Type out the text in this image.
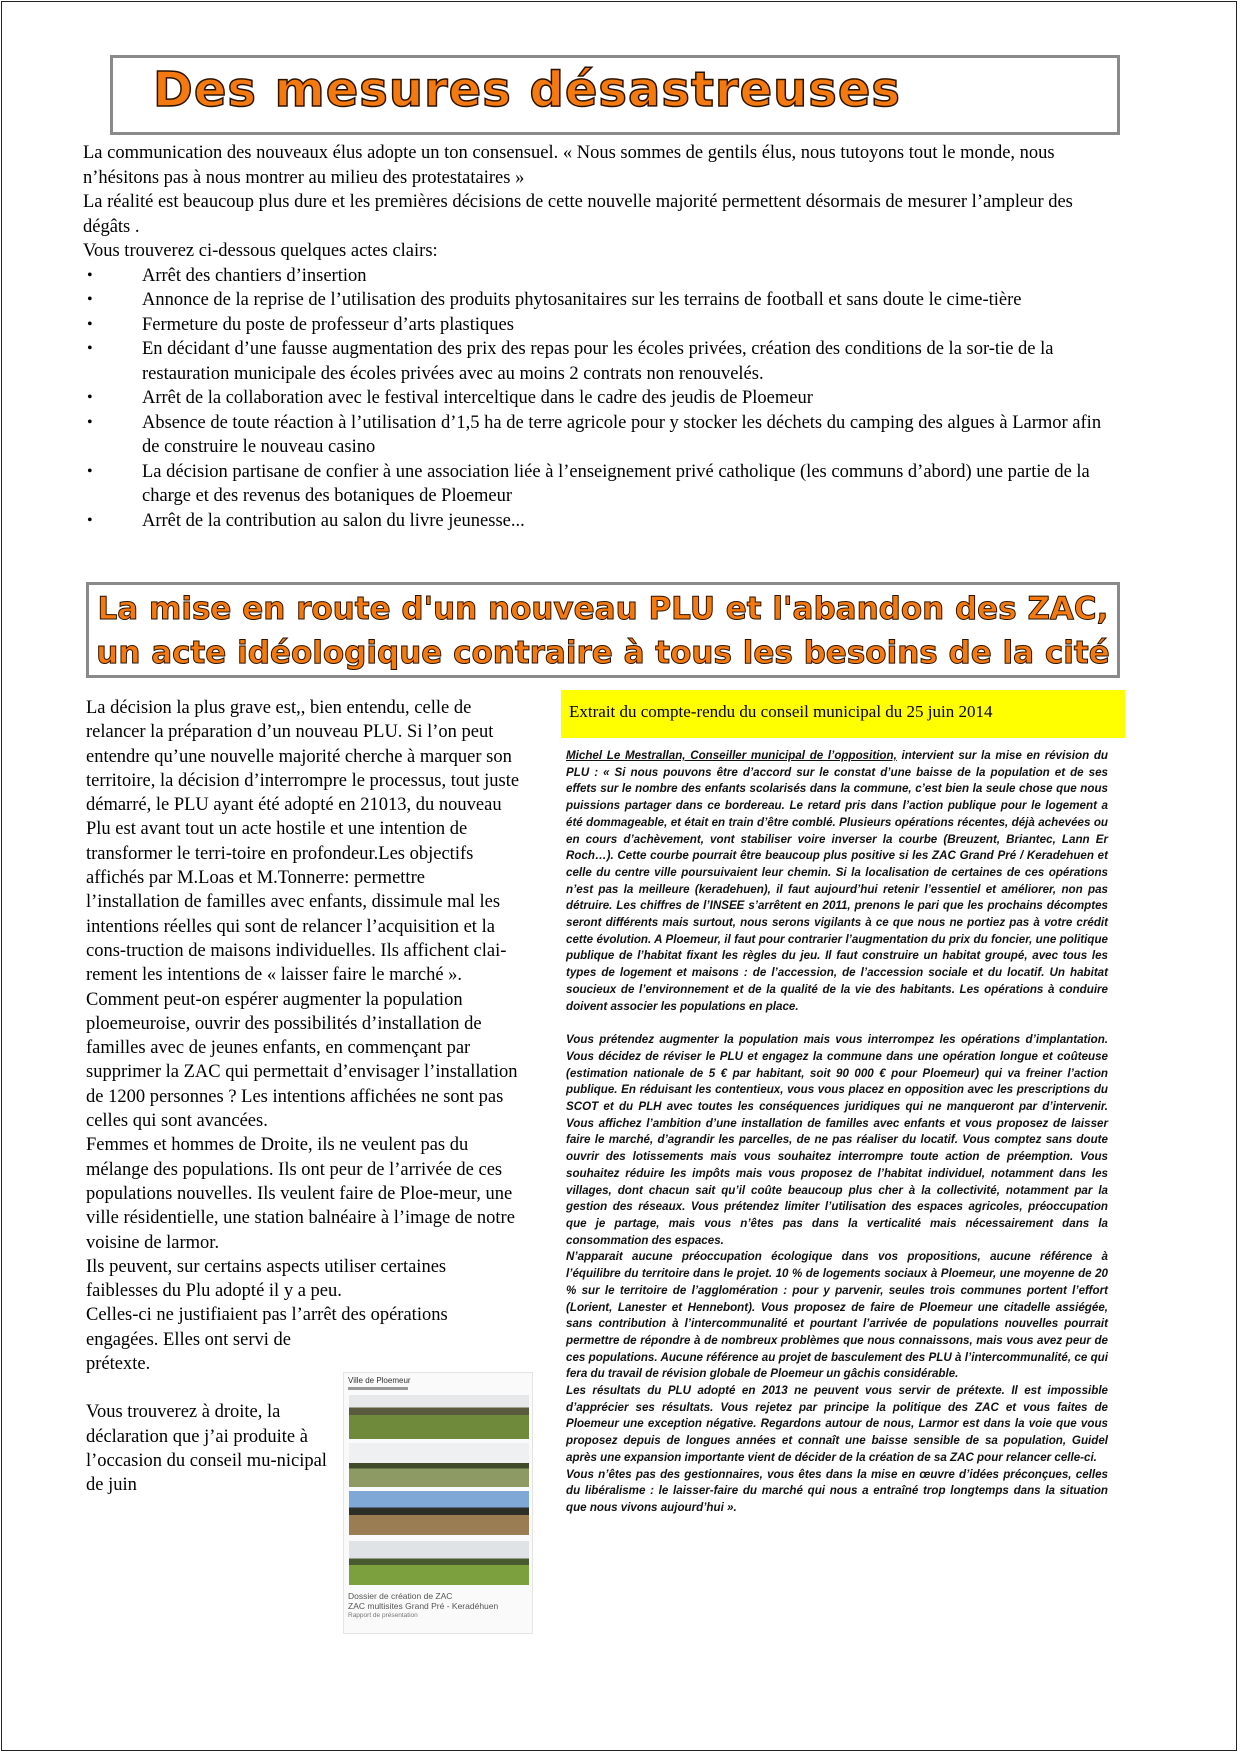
Des mesures désastreuses

La communication des nouveaux élus adopte un ton consensuel. « Nous sommes de gentils élus, nous tutoyons tout le monde, nous n’hésitons pas à nous montrer au milieu des protestataires »

La réalité est beaucoup plus dure et les premières décisions de cette nouvelle majorité permettent désormais de mesurer l’ampleur des dégâts .

Vous trouverez ci-dessous quelques actes clairs:

• Arrêt des chantiers d’insertion
• Annonce de la reprise de l’utilisation des produits phytosanitaires sur les terrains de football et sans doute le cime-tière
• Fermeture du poste de professeur d’arts plastiques
• En décidant d’une fausse augmentation des prix des repas pour les écoles privées, création des conditions de la sor-tie de la restauration municipale des écoles privées avec au moins 2 contrats non renouvelés.
• Arrêt de la collaboration avec le festival interceltique dans le cadre des jeudis de Ploemeur
• Absence de toute réaction à l’utilisation d’1,5 ha de terre agricole pour y stocker les déchets du camping des algues à Larmor afin de construire le nouveau casino
• La décision partisane de confier à une association liée à l’enseignement privé catholique (les communs d’abord) une partie de la charge et des revenus des botaniques de Ploemeur
• Arrêt de la contribution au salon du livre jeunesse...
La mise en route d'un nouveau PLU et l'abandon des ZAC,
un acte idéologique contraire à tous les besoins de la cité

La décision la plus grave est,, bien entendu, celle de relancer la préparation d’un nouveau PLU. Si l’on peut entendre qu’une nouvelle majorité cherche à marquer son territoire, la décision d’interrompre le processus, tout juste démarré, le PLU ayant été adopté en 21013, du nouveau Plu est avant tout un acte hostile et une intention de transformer le terri-toire en profondeur.Les objectifs affichés par M.Loas et M.Tonnerre: permettre l’installation de familles avec enfants, dissimule mal les intentions réelles qui sont de relancer l’acquisition et la cons-truction de maisons individuelles. Ils affichent clai-rement les intentions de « laisser faire le marché ».

Comment peut-on espérer augmenter la population ploemeuroise, ouvrir des possibilités d’installation de familles avec de jeunes enfants, en commençant par supprimer la ZAC qui permettait d’envisager l’installation de 1200 personnes ? Les intentions affichées ne sont pas celles qui sont avancées.

Femmes et hommes de Droite, ils ne veulent pas du mélange des populations. Ils ont peur de l’arrivée de ces populations nouvelles. Ils veulent faire de Ploe-meur, une ville résidentielle, une station balnéaire à l’image de notre voisine de larmor.

Ils peuvent, sur certains aspects utiliser certaines faiblesses du Plu adopté il y a peu.

Celles-ci ne justifiaient pas l’arrêt des opérations

engagées. Elles ont servi de prétexte.

Vous trouverez à droite, la déclaration que j’ai produite à l’occasion du conseil mu-nicipal de juin

Ville de Ploemeur
Dossier de création de ZAC
ZAC multisites Grand Pré - Keradéhuen
Rapport de présentation
Extrait du compte-rendu du conseil municipal du 25 juin 2014

Michel Le Mestrallan, Conseiller municipal de l’opposition, intervient sur la mise en révision du PLU : « Si nous pouvons être d’accord sur le constat d’une baisse de la population et de ses effets sur le nombre des enfants scolarisés dans la commune, c’est bien la seule chose que nous puissions partager dans ce bordereau. Le retard pris dans l’action publique pour le logement a été dommageable, et était en train d’être comblé. Plusieurs opérations récentes, déjà achevées ou en cours d’achèvement, vont stabiliser voire inverser la courbe (Breuzent, Briantec, Lann Er Roch…). Cette courbe pourrait être beaucoup plus positive si les ZAC Grand Pré / Keradehuen et celle du centre ville poursuivaient leur chemin. Si la localisation de certaines de ces opérations n’est pas la meilleure (keradehuen), il faut aujourd’hui retenir l’essentiel et améliorer, non pas détruire. Les chiffres de l’INSEE s’arrêtent en 2011, prenons le pari que les prochains décomptes seront différents mais surtout, nous serons vigilants à ce que nous ne portiez pas à votre crédit cette évolution. A Ploemeur, il faut pour contrarier l’augmentation du prix du foncier, une politique publique de l’habitat fixant les règles du jeu. Il faut construire un habitat groupé, avec tous les types de logement et maisons : de l’accession, de l’accession sociale et du locatif. Un habitat soucieux de l’environnement et de la qualité de la vie des habitants. Les opérations à conduire doivent associer les populations en place.

Vous prétendez augmenter la population mais vous interrompez les opérations d’implantation. Vous décidez de réviser le PLU et engagez la commune dans une opération longue et coûteuse (estimation nationale de 5 € par habitant, soit 90 000 € pour Ploemeur) qui va freiner l’action publique. En réduisant les contentieux, vous vous placez en opposition avec les prescriptions du SCOT et du PLH avec toutes les conséquences juridiques qui ne manqueront par d’intervenir. Vous affichez l’ambition d’une installation de familles avec enfants et vous proposez de laisser faire le marché, d’agrandir les parcelles, de ne pas réaliser du locatif. Vous comptez sans doute ouvrir des lotissements mais vous souhaitez interrompre toute action de préemption. Vous souhaitez réduire les impôts mais vous proposez de l’habitat individuel, notamment dans les villages, dont chacun sait qu’il coûte beaucoup plus cher à la collectivité, notamment par la gestion des réseaux. Vous prétendez limiter l’utilisation des espaces agricoles, préoccupation que je partage, mais vous n’êtes pas dans la verticalité mais nécessairement dans la consommation des espaces.

N’apparait aucune préoccupation écologique dans vos propositions, aucune référence à l’équilibre du territoire dans le projet. 10 % de logements sociaux à Ploemeur, une moyenne de 20 % sur le territoire de l’agglomération : pour y parvenir, seules trois communes portent l’effort (Lorient, Lanester et Hennebont). Vous proposez de faire de Ploemeur une citadelle assiégée, sans contribution à l’intercommunalité et pourtant l’arrivée de populations nouvelles pourrait permettre de répondre à de nombreux problèmes que nous connaissons, mais vous avez peur de ces populations. Aucune référence au projet de basculement des PLU à l’intercommunalité, ce qui fera du travail de révision globale de Ploemeur un gâchis considérable.

Les résultats du PLU adopté en 2013 ne peuvent vous servir de prétexte. Il est impossible d’apprécier ses résultats. Vous rejetez par principe la politique des ZAC et vous faites de Ploemeur une exception négative. Regardons autour de nous, Larmor est dans la voie que vous proposez depuis de longues années et connaît une baisse sensible de sa population, Guidel après une expansion importante vient de décider de la création de sa ZAC pour relancer celle-ci.

Vous n’êtes pas des gestionnaires, vous êtes dans la mise en œuvre d’idées préconçues, celles du libéralisme : le laisser-faire du marché qui nous a entraîné trop longtemps dans la situation que nous vivons aujourd’hui ».
